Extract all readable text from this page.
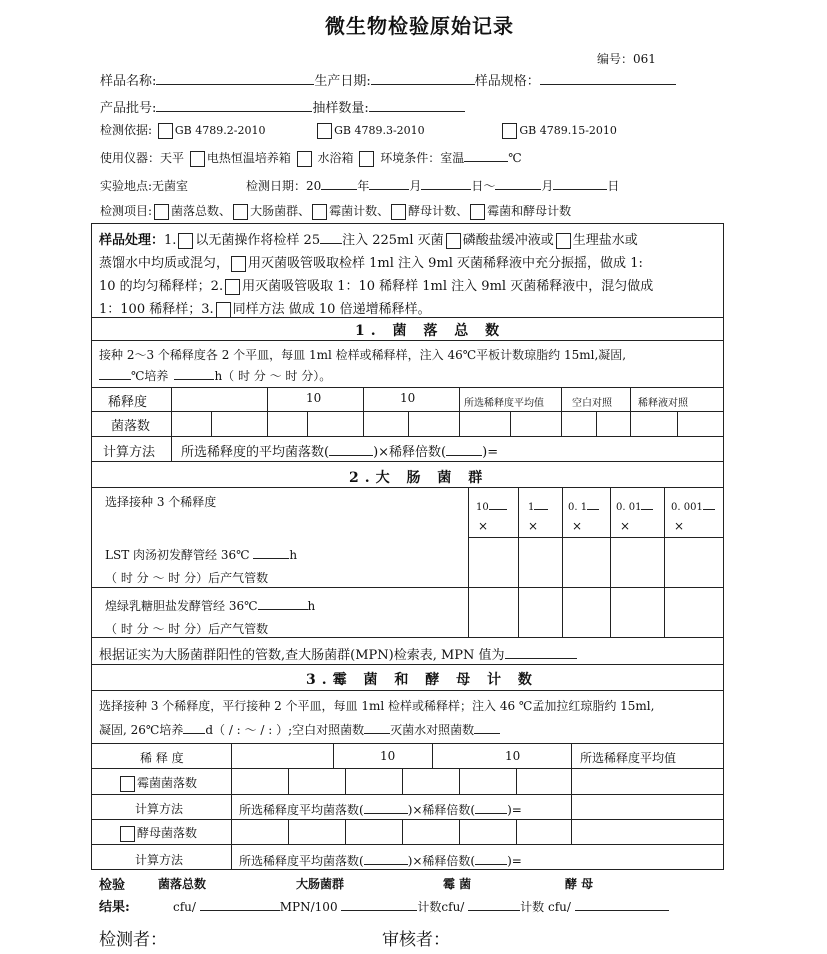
微生物检验原始记录
编号：061
样品名称:	生产日期:	样品规格：
产品批号:	抽样数量:
检测依据: GB 4789.2-2010	GB 4789.3-2010	GB 4789.15-2010
使用仪器：天平 电热恒温培养箱 水浴箱 环境条件：室温	℃
实验地点:无菌室	检测日期：20	年	月	日～	月	日
检测项目: 菌落总数、 大肠菌群、 霉菌计数、 酵母计数、 霉菌和酵母计数
样品处理：1. 以无菌操作将检样 25 注入 225ml 灭菌 磷酸盐缓冲液或 生理盐水或
蒸馏水中均质或混匀， 用灭菌吸管吸取检样 1ml 注入 9ml 灭菌稀释液中充分振摇，做成 1:
10 的均匀稀释样；2. 用灭菌吸管吸取 1：10 稀释样 1ml 注入 9ml 灭菌稀释液中，混匀做成
1：100 稀释样；3. 同样方法 做成 10 倍递增稀释样。
1. 菌 落 总 数
接种 2～3 个稀释度各 2 个平皿，每皿 1ml 检样或稀释样，注入 46℃平板计数琼脂约 15ml,凝固,
℃培养	h（ 时 分 ～ 时 分）。
稀释度	10	10	所选稀释度平均值	空白对照	稀释液对照
菌落数
计算方法 所选稀释度的平均菌落数(	)×稀释倍数(	)=
2.大 肠 菌 群
选择接种 3 个稀释度	10	1	0. 1	0. 01	0. 001
×	×	×	×	×
LST 肉汤初发酵管经 36℃	h
（ 时 分 ～ 时 分）后产气管数
煌绿乳糖胆盐发酵管经 36℃	h
（ 时 分 ～ 时 分）后产气管数
根据证实为大肠菌群阳性的管数,查大肠菌群(MPN)检索表, MPN 值为
3.霉 菌 和 酵 母 计 数
选择接种 3 个稀释度，平行接种 2 个平皿，每皿 1ml 检样或稀释样；注入 46 ℃孟加拉红琼脂约 15ml,
凝固, 26℃培养 d（ / : ～ / : ）;空白对照菌数 灭菌水对照菌数
稀 释 度	10	10	所选稀释度平均值
霉菌菌落数
计算方法	所选稀释度平均菌落数(	)×稀释倍数(	)=
酵母菌落数
计算方法	所选稀释度平均菌落数(	)×稀释倍数(	)=
检验	菌落总数	大肠菌群	霉 菌	酵 母
结果:	cfu/	MPN/100	计数cfu/	计数 cfu/
检测者：	审核者：
